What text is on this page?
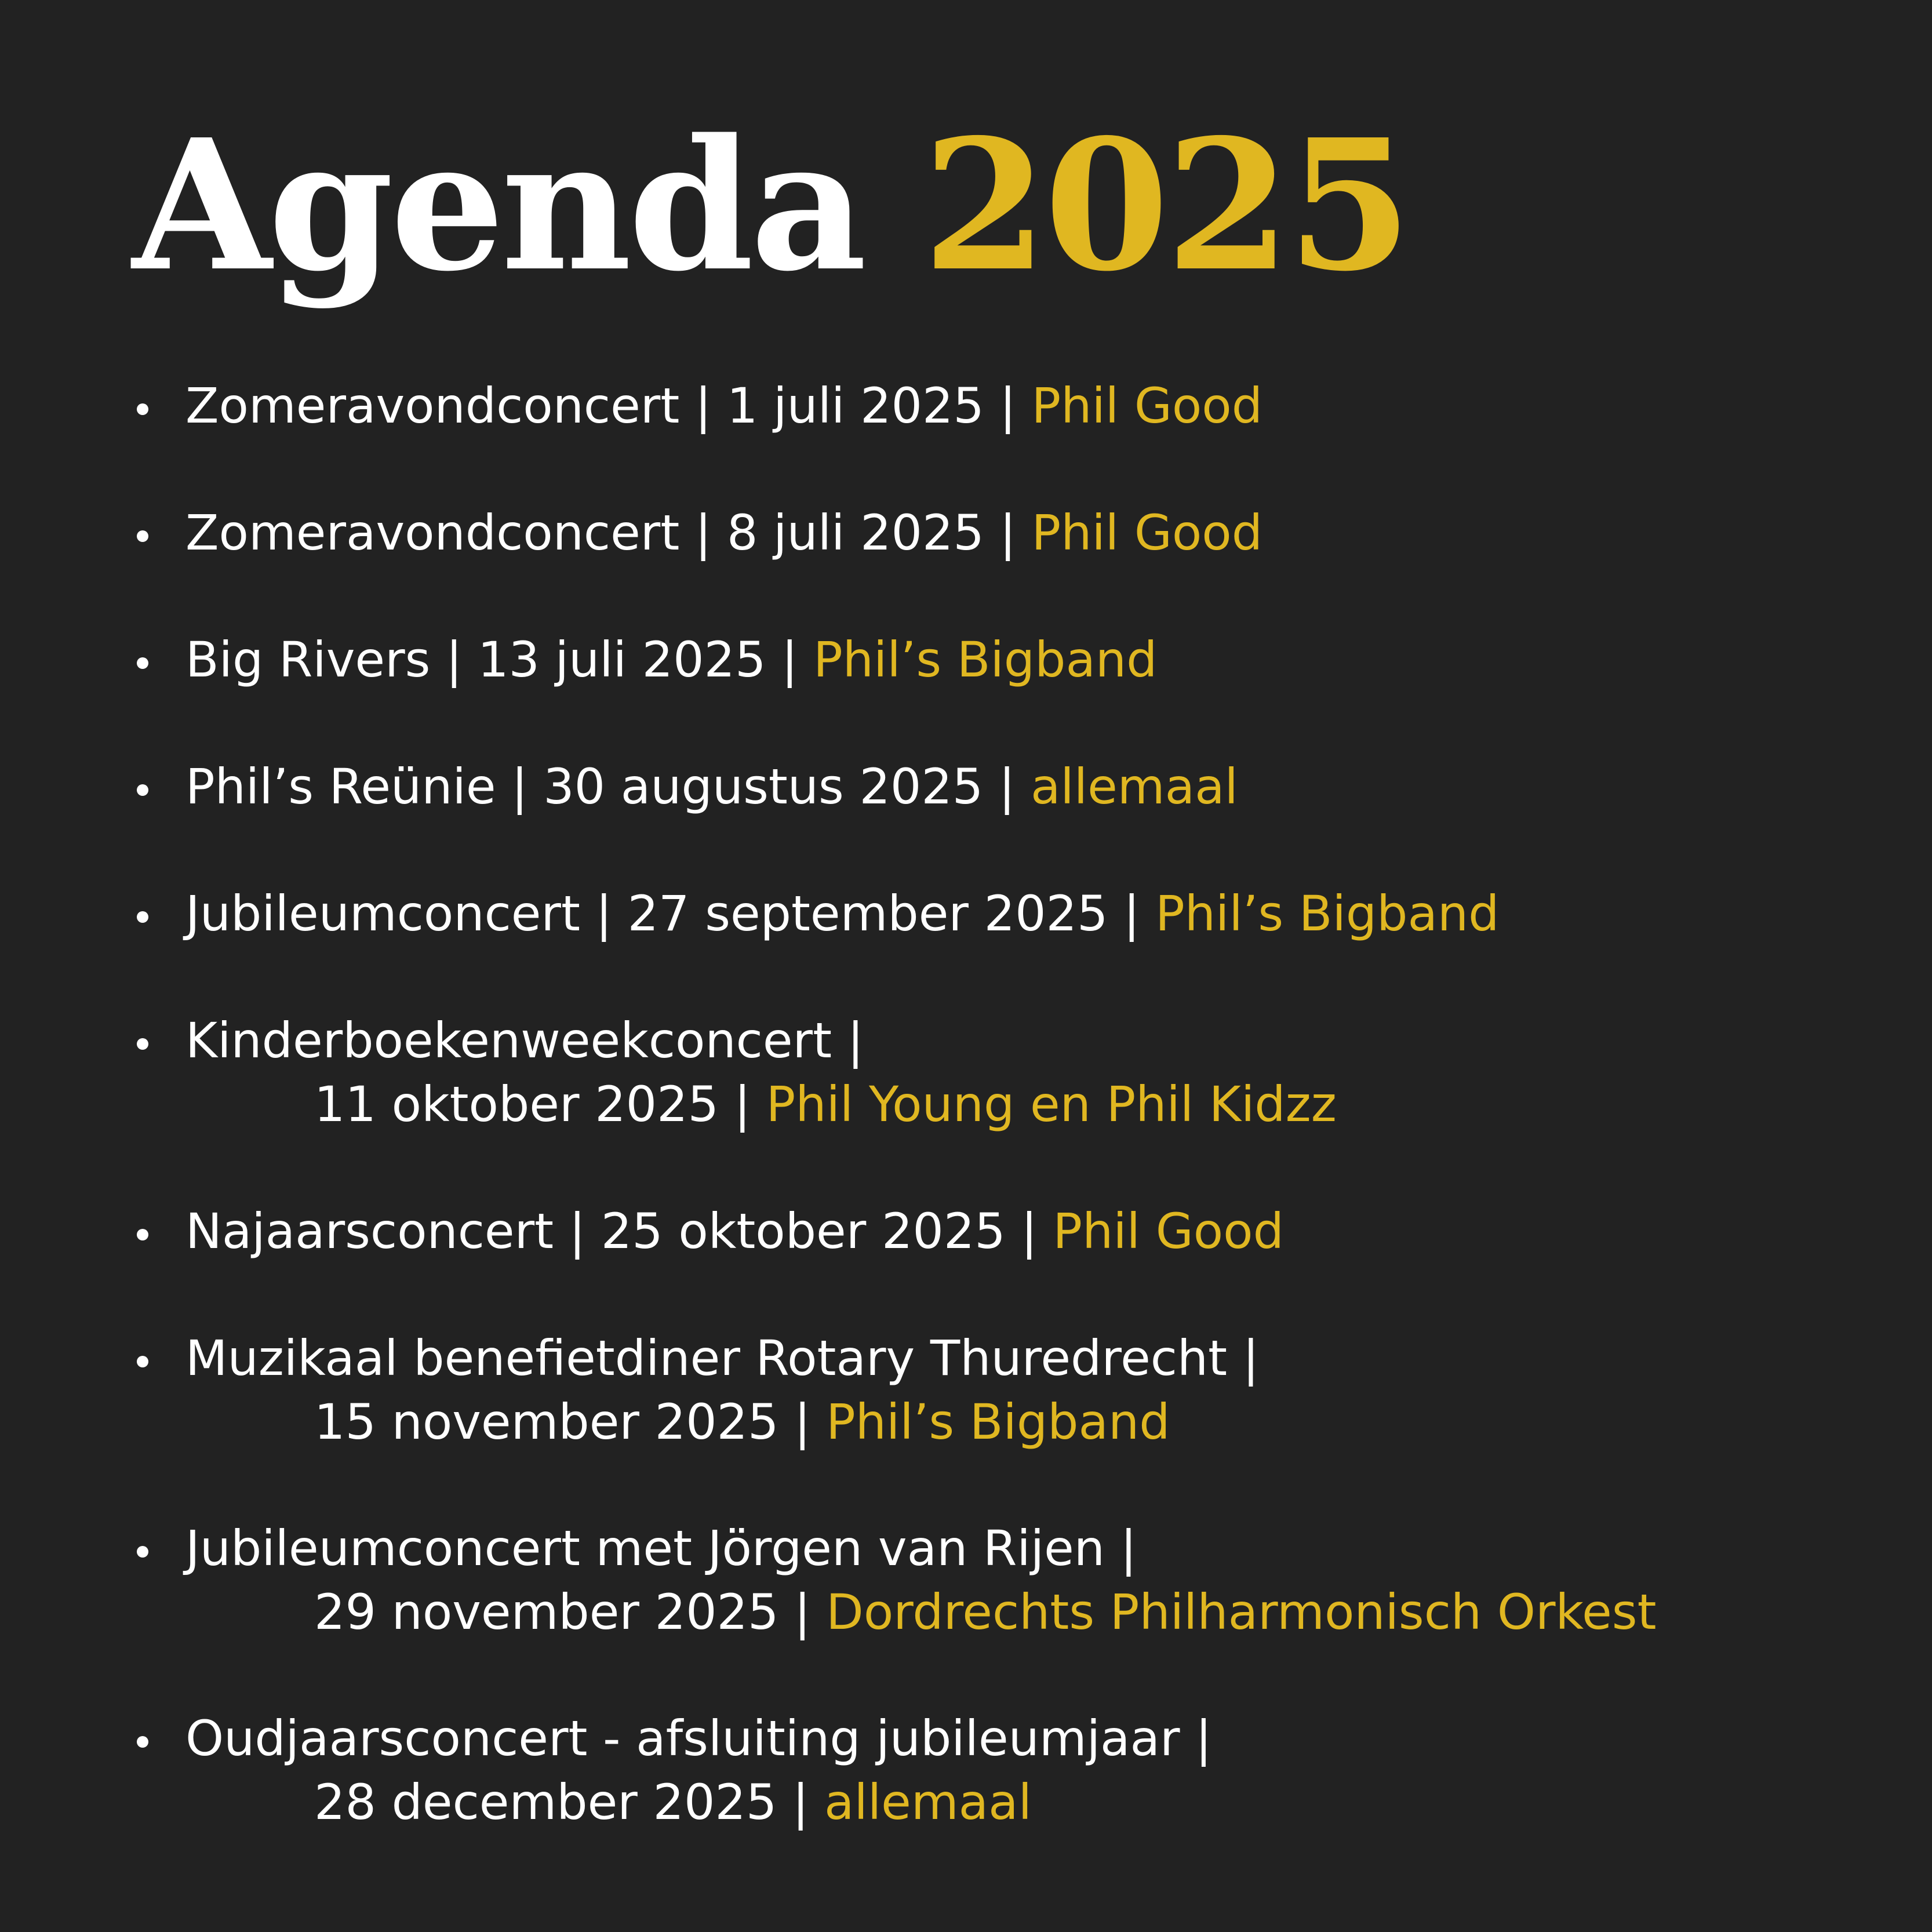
Agenda 2025
Zomeravondconcert | 1 juli 2025 | Phil Good
Zomeravondconcert | 8 juli 2025 | Phil Good
Big Rivers | 13 juli 2025 | Phil’s Bigband
Phil’s Reünie | 30 augustus 2025 | allemaal
Jubileumconcert | 27 september 2025 | Phil’s Bigband
Kinderboekenweekconcert |
11 oktober 2025 | Phil Young en Phil Kidzz
Najaarsconcert | 25 oktober 2025 | Phil Good
Muzikaal benefietdiner Rotary Thuredrecht |
15 november 2025 | Phil’s Bigband
Jubileumconcert met Jörgen van Rijen |
29 november 2025 | Dordrechts Philharmonisch Orkest
Oudjaarsconcert - afsluiting jubileumjaar |
28 december 2025 | allemaal
